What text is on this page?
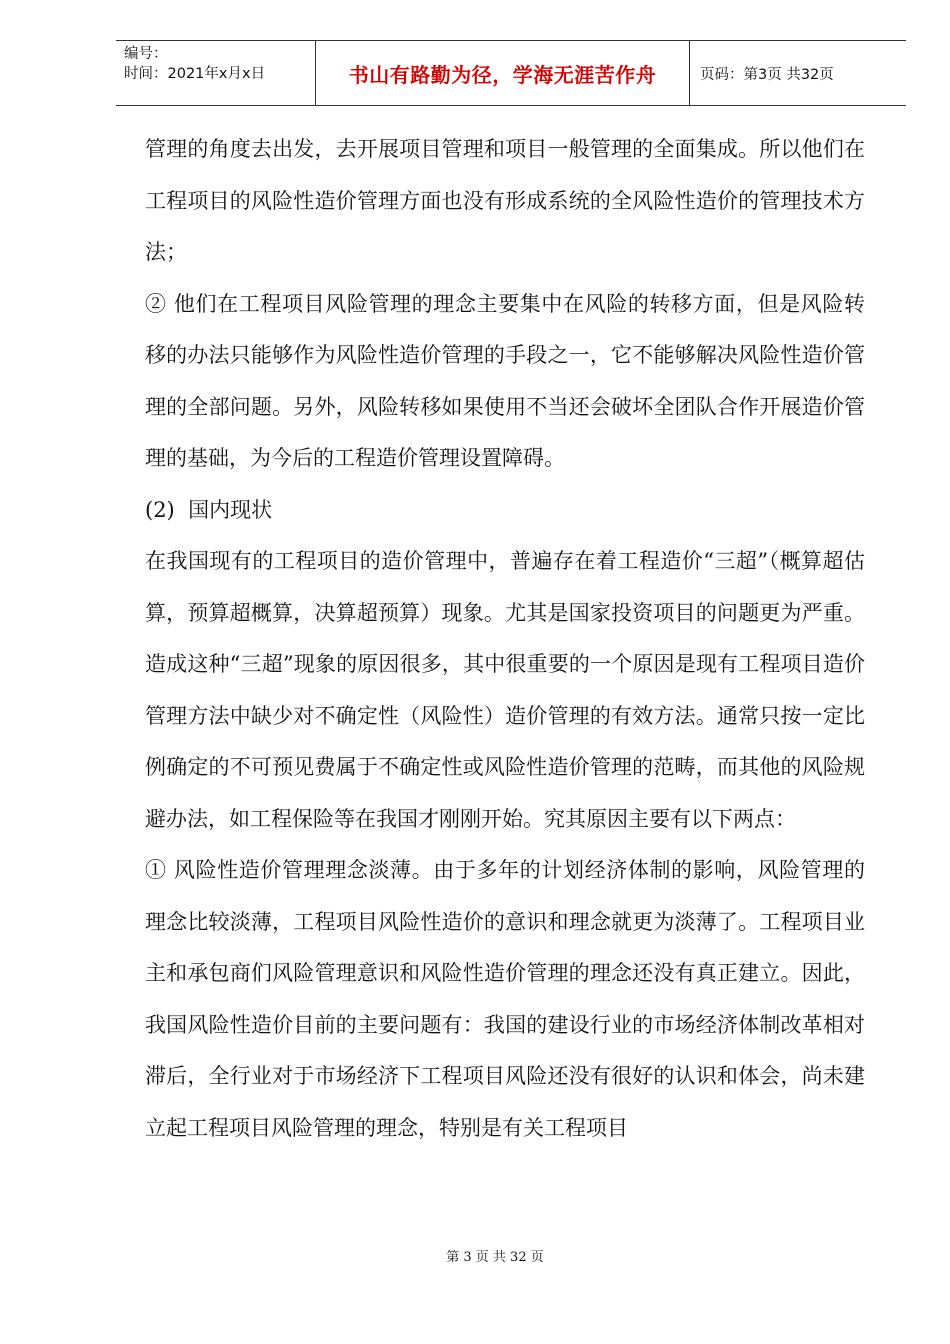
编号：
时间：2021年x月x日	书山有路勤为径，学海无涯苦作舟	页码：第3页 共32页

管理的角度去出发，去开展项目管理和项目一般管理的全面集成。所以他们在工程项目的风险性造价管理方面也没有形成系统的全风险性造价的管理技术方法；

② 他们在工程项目风险管理的理念主要集中在风险的转移方面，但是风险转移的办法只能够作为风险性造价管理的手段之一，它不能够解决风险性造价管理的全部问题。另外，风险转移如果使用不当还会破坏全团队合作开展造价管理的基础，为今后的工程造价管理设置障碍。

(2)  国内现状

在我国现有的工程项目的造价管理中，普遍存在着工程造价“三超”（概算超估算，预算超概算，决算超预算）现象。尤其是国家投资项目的问题更为严重。造成这种“三超”现象的原因很多，其中很重要的一个原因是现有工程项目造价管理方法中缺少对不确定性（风险性）造价管理的有效方法。通常只按一定比例确定的不可预见费属于不确定性或风险性造价管理的范畴，而其他的风险规避办法，如工程保险等在我国才刚刚开始。究其原因主要有以下两点：

① 风险性造价管理理念淡薄。由于多年的计划经济体制的影响，风险管理的理念比较淡薄，工程项目风险性造价的意识和理念就更为淡薄了。工程项目业主和承包商们风险管理意识和风险性造价管理的理念还没有真正建立。因此，我国风险性造价目前的主要问题有：我国的建设行业的市场经济体制改革相对滞后，全行业对于市场经济下工程项目风险还没有很好的认识和体会，尚未建立起工程项目风险管理的理念，特别是有关工程项目

第 3 页 共 32 页
